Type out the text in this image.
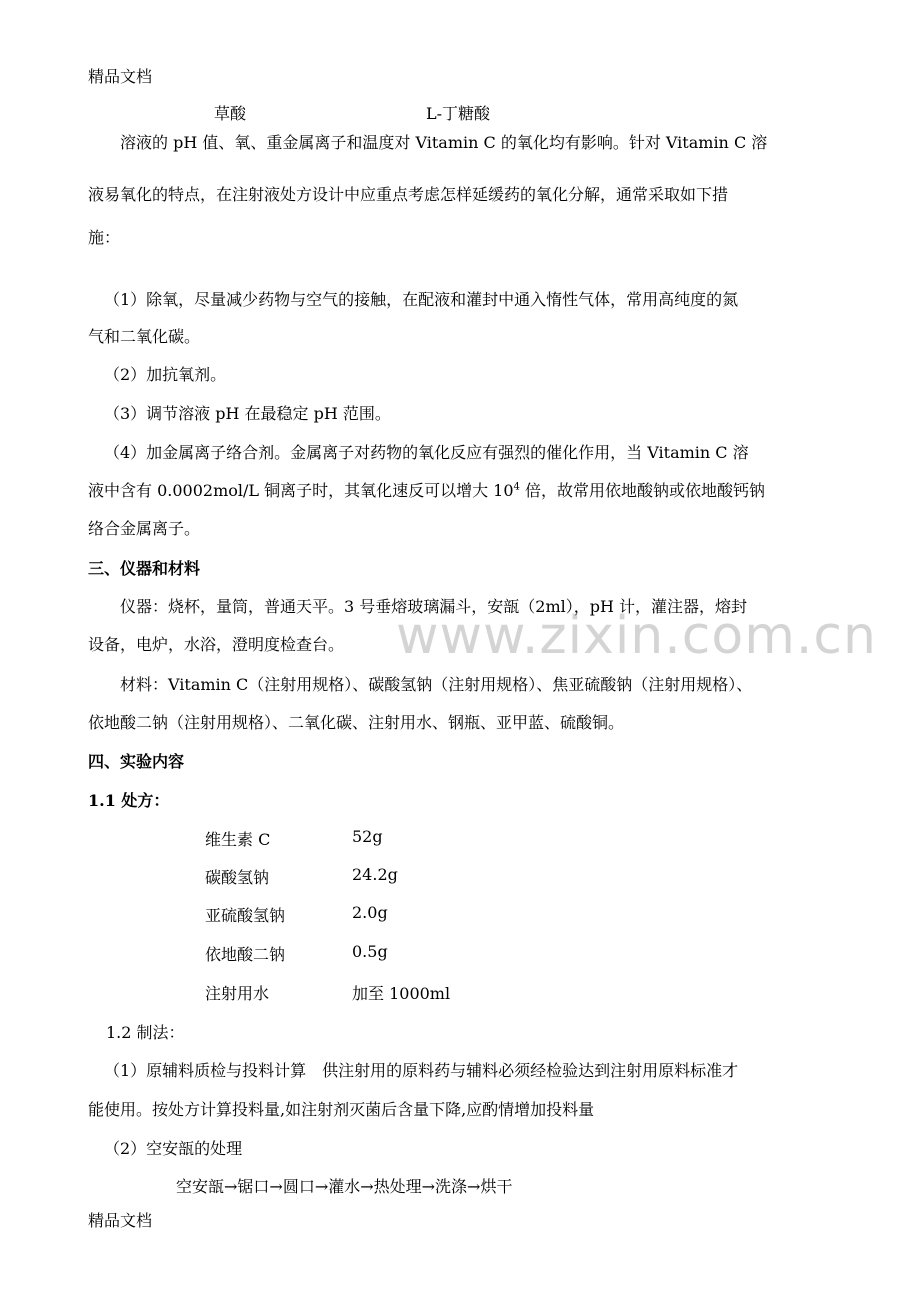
www.zixin.com.cn
精品文档
草酸	L-丁糖酸
溶液的 pH 值、氧、重金属离子和温度对 Vitamin C 的氧化均有影响。针对 Vitamin C 溶
液易氧化的特点，在注射液处方设计中应重点考虑怎样延缓药的氧化分解，通常采取如下措
施：
（1）除氧，尽量减少药物与空气的接触，在配液和灌封中通入惰性气体，常用高纯度的氮
气和二氧化碳。
（2）加抗氧剂。
（3）调节溶液 pH 在最稳定 pH 范围。
（4）加金属离子络合剂。金属离子对药物的氧化反应有强烈的催化作用，当 Vitamin C 溶
液中含有 0.0002mol/L 铜离子时，其氧化速反可以增大 $10^4$ 倍，故常用依地酸钠或依地酸钙钠
络合金属离子。
三、仪器和材料
仪器：烧杯，量筒，普通天平。3 号垂熔玻璃漏斗，安瓿（2ml），pH 计，灌注器，熔封
设备，电炉，水浴，澄明度检查台。
材料：Vitamin C（注射用规格）、碳酸氢钠（注射用规格）、焦亚硫酸钠（注射用规格）、
依地酸二钠（注射用规格）、二氧化碳、注射用水、钢瓶、亚甲蓝、硫酸铜。
四、实验内容
1.1 处方：
维生素 C	52g
碳酸氢钠	24.2g
亚硫酸氢钠	2.0g
依地酸二钠	0.5g
注射用水	加至 1000ml
1.2 制法：
（1）原辅料质检与投料计算　供注射用的原料药与辅料必须经检验达到注射用原料标准才
能使用。按处方计算投料量,如注射剂灭菌后含量下降,应酌情增加投料量
（2）空安瓿的处理
空安瓿→锯口→圆口→灌水→热处理→洗涤→烘干
精品文档
